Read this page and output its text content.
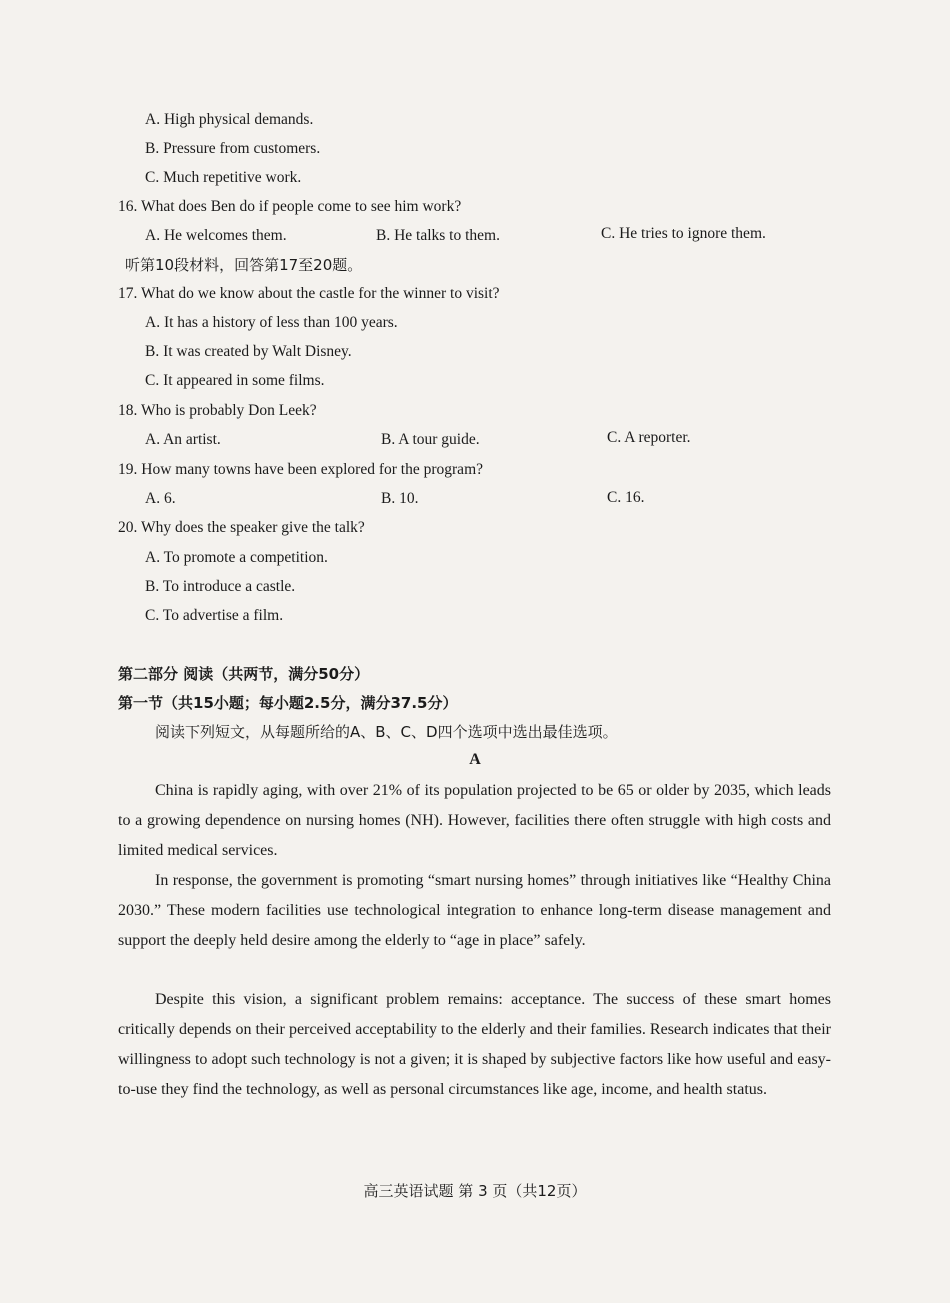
A. High physical demands.
B. Pressure from customers.
C. Much repetitive work.
16. What does Ben do if people come to see him work?
A. He welcomes them.	B. He talks to them.	C. He tries to ignore them.
听第10段材料，回答第17至20题。
17. What do we know about the castle for the winner to visit?
A. It has a history of less than 100 years.
B. It was created by Walt Disney.
C. It appeared in some films.
18. Who is probably Don Leek?
A. An artist.	B. A tour guide.	C. A reporter.
19. How many towns have been explored for the program?
A. 6.	B. 10.	C. 16.
20. Why does the speaker give the talk?
A. To promote a competition.
B. To introduce a castle.
C. To advertise a film.
第二部分 阅读（共两节，满分50分）
第一节（共15小题；每小题2.5分，满分37.5分）
阅读下列短文，从每题所给的A、B、C、D四个选项中选出最佳选项。
A
China is rapidly aging, with over 21% of its population projected to be 65 or older by 2035, which leads to a growing dependence on nursing homes (NH). However, facilities there often struggle with high costs and limited medical services.
In response, the government is promoting “smart nursing homes” through initiatives like “Healthy China 2030.” These modern facilities use technological integration to enhance long-term disease management and support the deeply held desire among the elderly to “age in place” safely.
Despite this vision, a significant problem remains: acceptance. The success of these smart homes critically depends on their perceived acceptability to the elderly and their families. Research indicates that their willingness to adopt such technology is not a given; it is shaped by subjective factors like how useful and easy-to-use they find the technology, as well as personal circumstances like age, income, and health status.
高三英语试题 第 3 页（共12页）
